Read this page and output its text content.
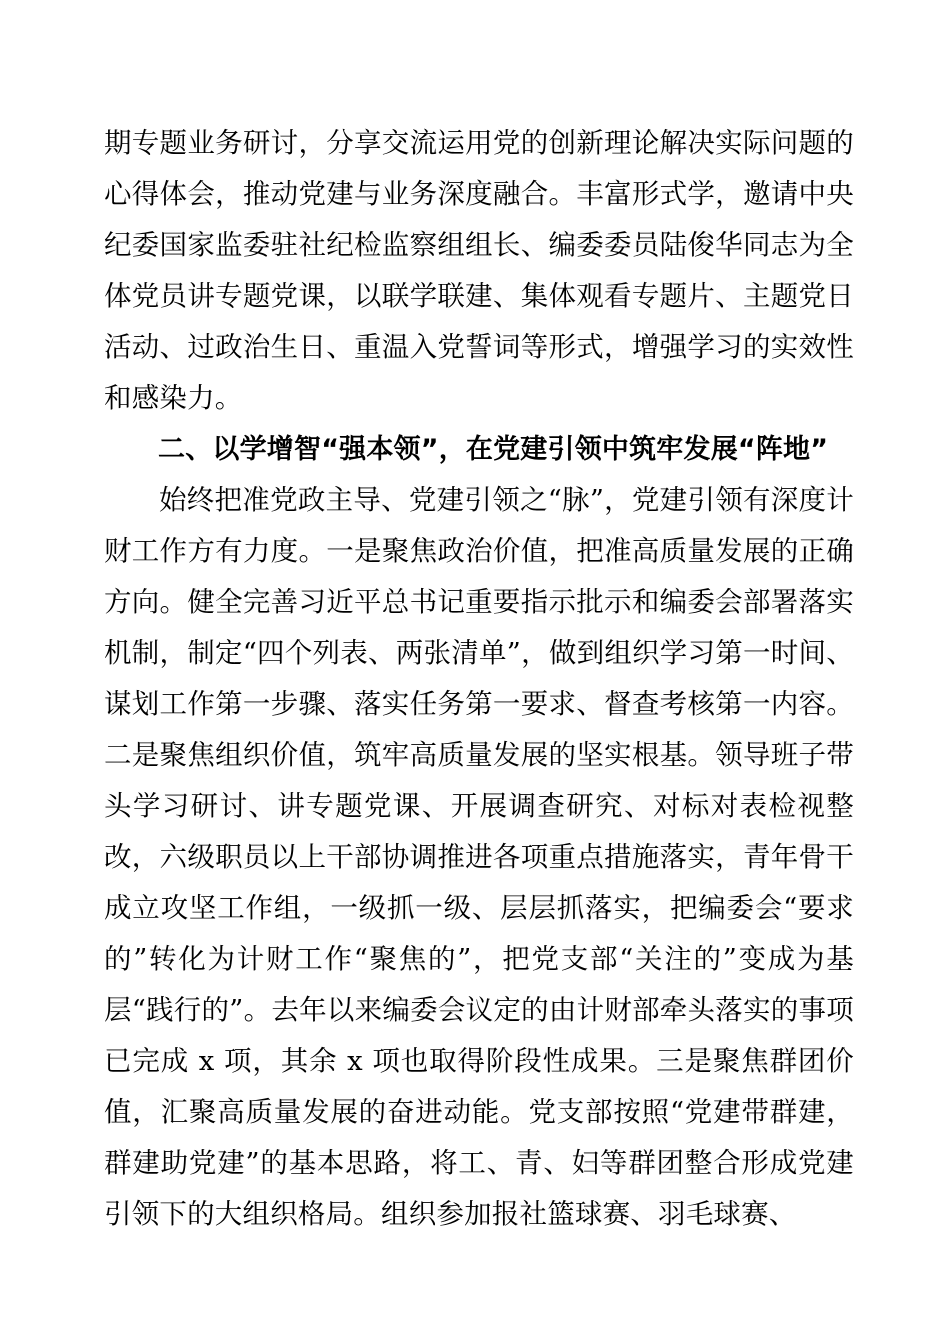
期专题业务研讨，分享交流运用党的创新理论解决实际问题的心得体会，推动党建与业务深度融合。丰富形式学，邀请中央纪委国家监委驻社纪检监察组组长、编委委员陆俊华同志为全体党员讲专题党课，以联学联建、集体观看专题片、主题党日活动、过政治生日、重温入党誓词等形式，增强学习的实效性和感染力。

二、以学增智“强本领”，在党建引领中筑牢发展“阵地”

始终把准党政主导、党建引领之“脉”，党建引领有深度计财工作方有力度。一是聚焦政治价值，把准高质量发展的正确方向。健全完善习近平总书记重要指示批示和编委会部署落实机制，制定“四个列表、两张清单”，做到组织学习第一时间、谋划工作第一步骤、落实任务第一要求、督查考核第一内容。二是聚焦组织价值，筑牢高质量发展的坚实根基。领导班子带头学习研讨、讲专题党课、开展调查研究、对标对表检视整改，六级职员以上干部协调推进各项重点措施落实，青年骨干成立攻坚工作组，一级抓一级、层层抓落实，把编委会“要求的”转化为计财工作“聚焦的”，把党支部“关注的”变成为基层“践行的”。去年以来编委会议定的由计财部牵头落实的事项已完成 x 项，其余 x 项也取得阶段性成果。三是聚焦群团价值，汇聚高质量发展的奋进动能。党支部按照“党建带群建，群建助党建”的基本思路，将工、青、妇等群团整合形成党建引领下的大组织格局。组织参加报社篮球赛、羽毛球赛、
